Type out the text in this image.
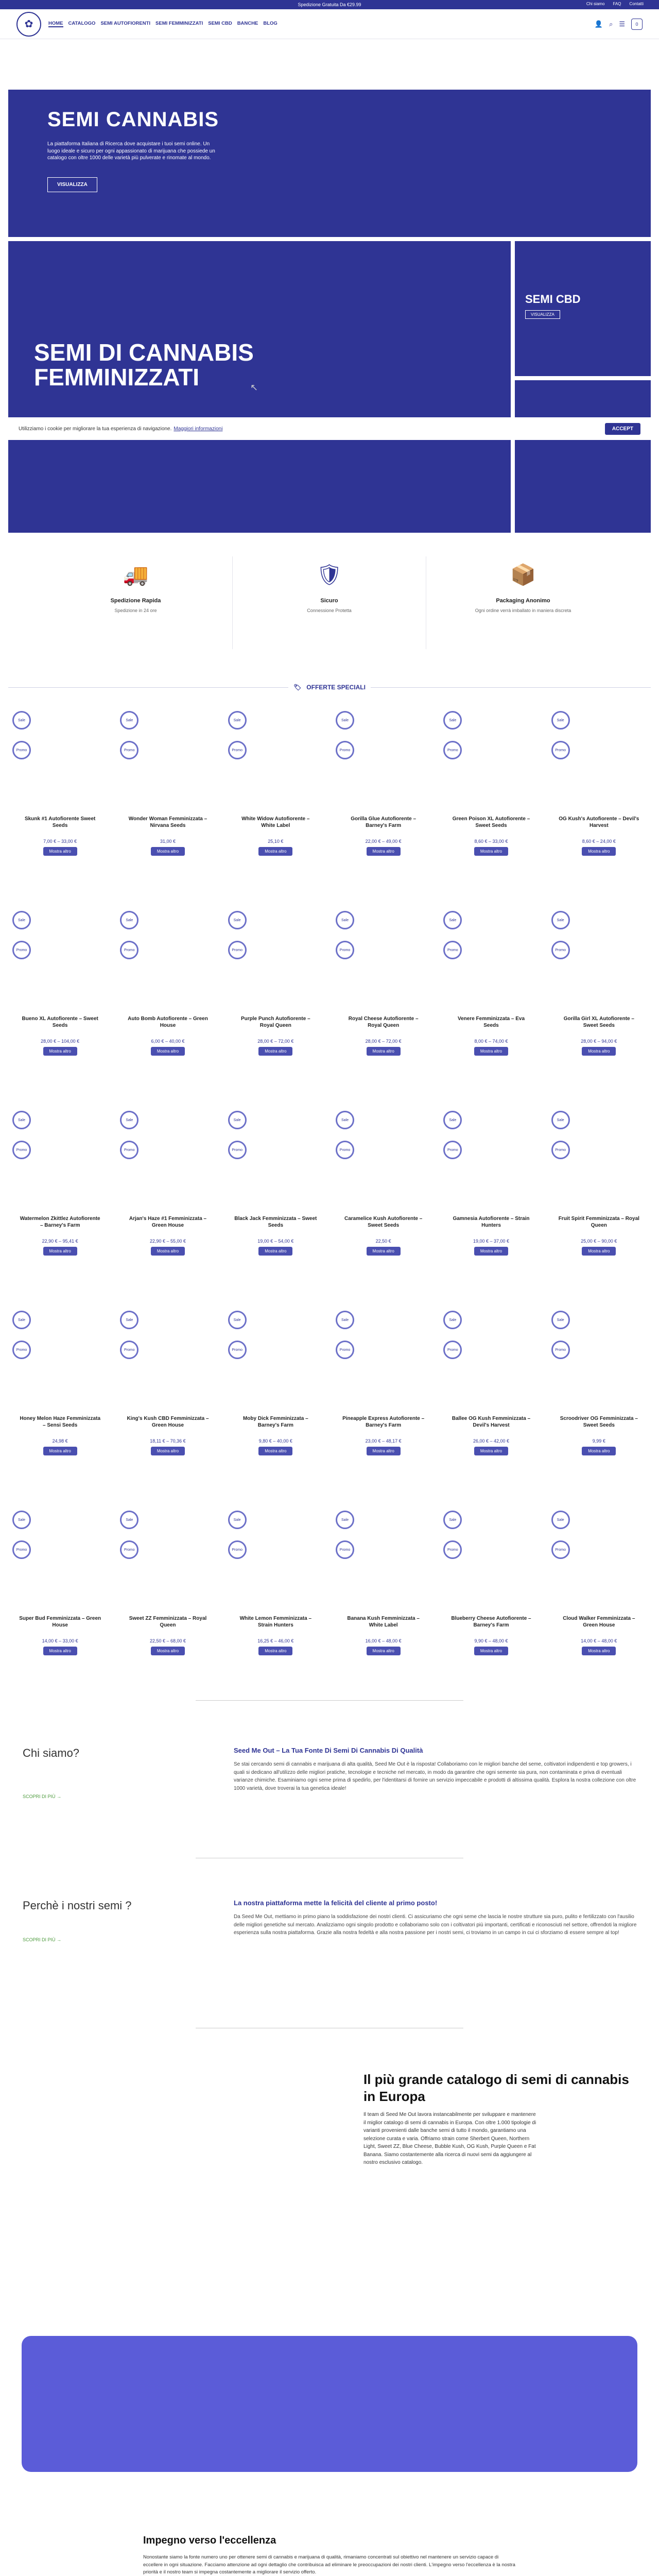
Spedizione Gratuita Da €29.99	Chi siamo FAQ Contatti
✿	HOME CATALOGO SEMI AUTOFIORENTI SEMI FEMMINIZZATI SEMI CBD BANCHE BLOG	👤 ⌕ ☰	0
SEMI CANNABIS

La piattaforma Italiana di Ricerca dove acquistare i tuoi semi online. Un luogo ideale e sicuro per ogni appassionato di marijuana che possiede un catalogo con oltre 1000 delle varietà più pulverate e rinomate al mondo.

VISUALIZZA
SEMI DI CANNABIS FEMMINIZZATI	↖
SEMI CBD
VISUALIZZA
Utilizziamo i cookie per migliorare la tua esperienza di navigazione. Maggiori informazioni	ACCEPT
🚚
Spedizione Rapida
Spedizione in 24 ore
🛡
Sicuro
Connessione Protetta
📦
Packaging Anonimo
Ogni ordine verrà imballato in maniera discreta
🏷 OFFERTE SPECIALI
Sale
Promo
Skunk #1 Autofiorente Sweet Seeds
7,00 € – 33,00 €
Mostra altro
Sale
Promo
Wonder Woman Femminizzata – Nirvana Seeds
31,00 €
Mostra altro
Sale
Promo
White Widow Autofiorente – White Label
25,10 €
Mostra altro
Sale
Promo
Gorilla Glue Autofiorente – Barney's Farm
22,00 € – 49,00 €
Mostra altro
Sale
Promo
Green Poison XL Autofiorente – Sweet Seeds
8,60 € – 33,00 €
Mostra altro
Sale
Promo
OG Kush's Autofiorente – Devil's Harvest
8,60 € – 24,00 €
Mostra altro
Sale
Promo
Bueno XL Autofiorente – Sweet Seeds
28,00 € – 104,00 €
Mostra altro
Sale
Promo
Auto Bomb Autofiorente – Green House
6,00 € – 40,00 €
Mostra altro
Sale
Promo
Purple Punch Autofiorente – Royal Queen
28,00 € – 72,00 €
Mostra altro
Sale
Promo
Royal Cheese Autofiorente – Royal Queen
28,00 € – 72,00 €
Mostra altro
Sale
Promo
Venere Femminizzata – Eva Seeds
8,00 € – 74,00 €
Mostra altro
Sale
Promo
Gorilla Girl XL Autofiorente – Sweet Seeds
28,00 € – 94,00 €
Mostra altro
Sale
Promo
Watermelon Zkittlez Autofiorente – Barney's Farm
22,90 € – 95,41 €
Mostra altro
Sale
Promo
Arjan's Haze #1 Femminizzata – Green House
22,90 € – 55,00 €
Mostra altro
Sale
Promo
Black Jack Femminizzata – Sweet Seeds
19,00 € – 54,00 €
Mostra altro
Sale
Promo
Caramelice Kush Autofiorente – Sweet Seeds
22,50 €
Mostra altro
Sale
Promo
Gamnesia Autofiorente – Strain Hunters
19,00 € – 37,00 €
Mostra altro
Sale
Promo
Fruit Spirit Femminizzata – Royal Queen
25,00 € – 90,00 €
Mostra altro
Sale
Promo
Honey Melon Haze Femminizzata – Sensi Seeds
24,98 €
Mostra altro
Sale
Promo
King's Kush CBD Femminizzata – Green House
18,11 € – 70,36 €
Mostra altro
Sale
Promo
Moby Dick Femminizzata – Barney's Farm
9,80 € – 40,00 €
Mostra altro
Sale
Promo
Pineapple Express Autofiorente – Barney's Farm
23,00 € – 48,17 €
Mostra altro
Sale
Promo
Ballee OG Kush Femminizzata – Devil's Harvest
26,00 € – 42,00 €
Mostra altro
Sale
Promo
Scroodriver OG Femminizzata – Sweet Seeds
9,99 €
Mostra altro
Sale
Promo
Super Bud Femminizzata – Green House
14,00 € – 33,00 €
Mostra altro
Sale
Promo
Sweet ZZ Femminizzata – Royal Queen
22,50 € – 68,00 €
Mostra altro
Sale
Promo
White Lemon Femminizzata – Strain Hunters
16,25 € – 46,00 €
Mostra altro
Sale
Promo
Banana Kush Femminizzata – White Label
16,00 € – 48,00 €
Mostra altro
Sale
Promo
Blueberry Cheese Autofiorente – Barney's Farm
9,90 € – 48,00 €
Mostra altro
Sale
Promo
Cloud Walker Femminizzata – Green House
14,00 € – 48,00 €
Mostra altro
Chi siamo?
SCOPRI DI PIÙ →
Seed Me Out – La Tua Fonte Di Semi Di Cannabis Di Qualità

Se stai cercando semi di cannabis e marijuana di alta qualità, Seed Me Out è la risposta! Collaboriamo con le migliori banche del seme, coltivatori indipendenti e top growers, i quali si dedicano all'utilizzo delle migliori pratiche, tecnologie e tecniche nel mercato, in modo da garantire che ogni semente sia pura, non contaminata e priva di eventuali varianze chimiche. Esaminiamo ogni seme prima di spedirlo, per l'identitarsi di fornire un servizio impeccabile e prodotti di altissima qualità. Esplora la nostra collezione con oltre 1000 varietà, dove troverai la tua genetica ideale!

Perchè i nostri semi ?
SCOPRI DI PIÙ →
La nostra piattaforma mette la felicità del cliente al primo posto!

Da Seed Me Out, mettiamo in primo piano la soddisfazione dei nostri clienti. Ci assicuriamo che ogni seme che lascia le nostre strutture sia puro, pulito e fertilizzato con l'ausilio delle migliori genetiche sul mercato. Analizziamo ogni singolo prodotto e collaboriamo solo con i coltivatori più importanti, certificati e riconosciuti nel settore, offrendoti la migliore esperienza sulla nostra piattaforma. Grazie alla nostra fedeltà e alla nostra passione per i nostri semi, ci troviamo in un campo in cui ci sforziamo di essere sempre al top!

Il più grande catalogo di semi di cannabis in Europa

Il team di Seed Me Out lavora instancabilmente per sviluppare e mantenere il miglior catalogo di semi di cannabis in Europa. Con oltre 1.000 tipologie di varianti provenienti dalle banche semi di tutto il mondo, garantiamo una selezione curata e varia. Offriamo strain come Sherbert Queen, Northern Light, Sweet ZZ, Blue Cheese, Bubble Kush, OG Kush, Purple Queen e Fat Banana. Siamo costantemente alla ricerca di nuovi semi da aggiungere al nostro esclusivo catalogo.

Impegno verso l'eccellenza

Nonostante siamo la fonte numero uno per ottenere semi di cannabis e marijuana di qualità, rimaniamo concentrati sul obiettivo nel mantenere un servizio capace di eccellere in ogni situazione. Facciamo attenzione ad ogni dettaglio che contribuisca ad eliminare le preoccupazioni dei nostri clienti. L'impegno verso l'eccellenza è la nostra priorità e il nostro team si impegna costantemente a migliorare il servizio offerto.
